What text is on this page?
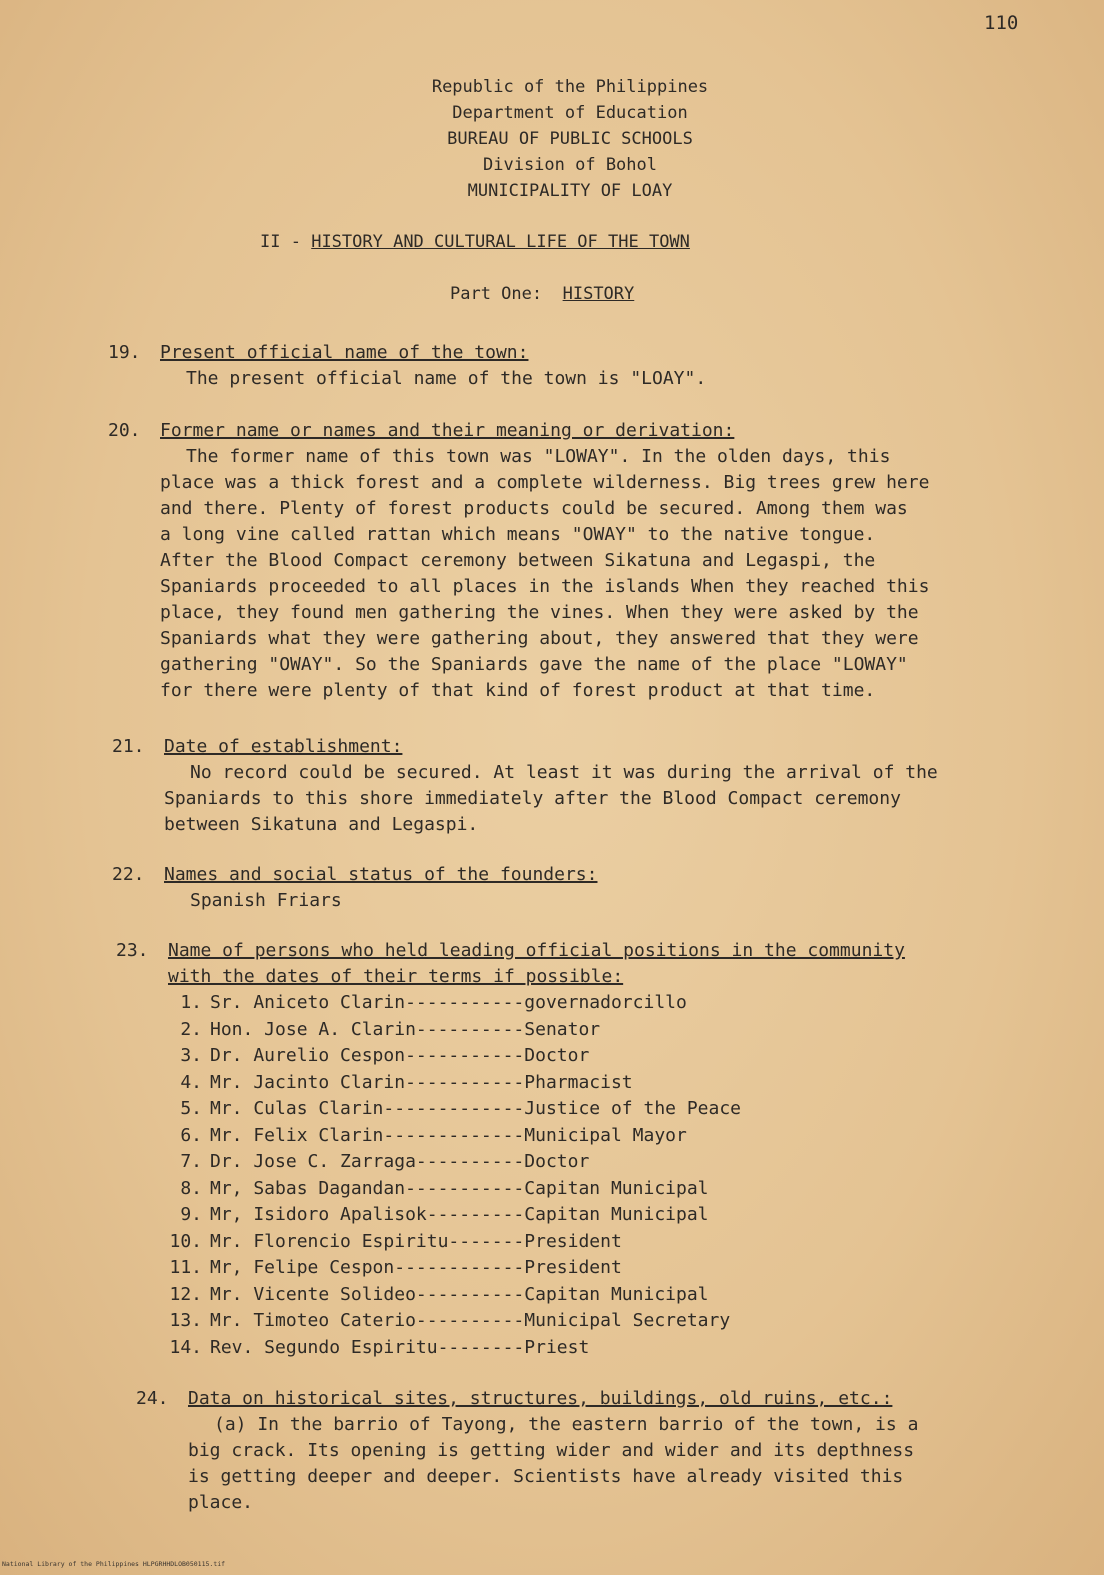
110
Republic of the Philippines
Department of Education
BUREAU OF PUBLIC SCHOOLS
Division of Bohol
MUNICIPALITY OF LOAY
II - HISTORY AND CULTURAL LIFE OF THE TOWN
Part One: HISTORY
19. Present official name of the town:
The present official name of the town is "LOAY".
20. Former name or names and their meaning or derivation:
The former name of this town was "LOWAY". In the olden days, this
place was a thick forest and a complete wilderness. Big trees grew here
and there. Plenty of forest products could be secured. Among them was
a long vine called rattan which means "OWAY" to the native tongue.
After the Blood Compact ceremony between Sikatuna and Legaspi, the
Spaniards proceeded to all places in the islands When they reached this
place, they found men gathering the vines. When they were asked by the
Spaniards what they were gathering about, they answered that they were
gathering "OWAY". So the Spaniards gave the name of the place "LOWAY"
for there were plenty of that kind of forest product at that time.
21. Date of establishment:
No record could be secured. At least it was during the arrival of the
Spaniards to this shore immediately after the Blood Compact ceremony
between Sikatuna and Legaspi.
22. Names and social status of the founders:
Spanish Friars
23. Name of persons who held leading official positions in the community
with the dates of their terms if possible:
1. Sr. Aniceto Clarin-----------governadorcillo
2. Hon. Jose A. Clarin----------Senator
3. Dr. Aurelio Cespon-----------Doctor
4. Mr. Jacinto Clarin-----------Pharmacist
5. Mr. Culas Clarin-------------Justice of the Peace
6. Mr. Felix Clarin-------------Municipal Mayor
7. Dr. Jose C. Zarraga----------Doctor
8. Mr, Sabas Dagandan-----------Capitan Municipal
9. Mr, Isidoro Apalisok---------Capitan Municipal
10. Mr. Florencio Espiritu-------President
11. Mr, Felipe Cespon------------President
12. Mr. Vicente Solideo----------Capitan Municipal
13. Mr. Timoteo Caterio----------Municipal Secretary
14. Rev. Segundo Espiritu--------Priest
24. Data on historical sites, structures, buildings, old ruins, etc.:
(a) In the barrio of Tayong, the eastern barrio of the town, is a
big crack. Its opening is getting wider and wider and its depthness
is getting deeper and deeper. Scientists have already visited this
place.
National Library of the Philippines HLPGRHHDLOB050115.tif
